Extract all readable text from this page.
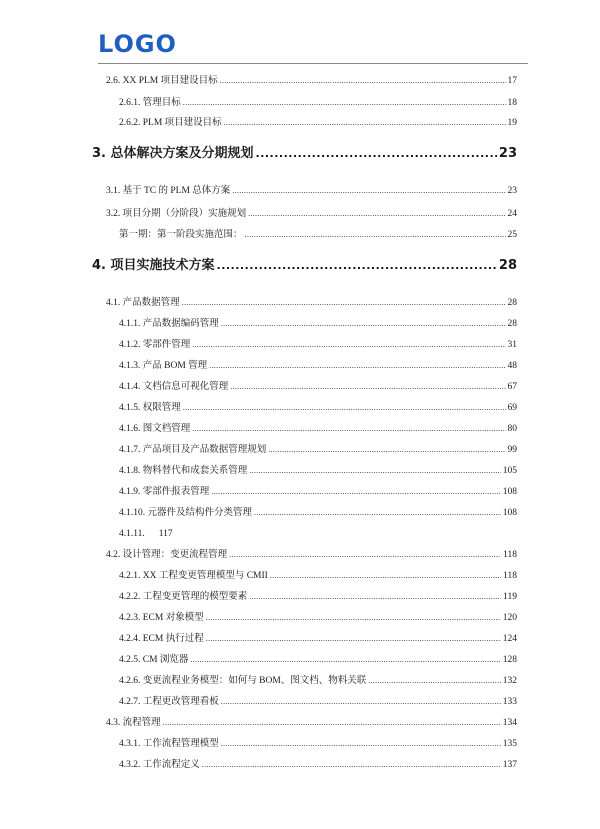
LOGO
2.6. XX PLM 项目建设目标 .....	17
2.6.1. 管理目标 .....	18
2.6.2. PLM 项目建设目标 .....	19
3. 总体解决方案及分期规划 .....	23
3.1. 基于 TC 的 PLM 总体方案 .....	23
3.2. 项目分期（分阶段）实施规划 .....	24
第一期：第一阶段实施范围： .....	25
4. 项目实施技术方案 .....	28
4.1. 产品数据管理 .....	28
4.1.1. 产品数据编码管理 .....	28
4.1.2. 零部件管理 .....	31
4.1.3. 产品 BOM 管理 .....	48
4.1.4. 文档信息可视化管理 .....	67
4.1.5. 权限管理 .....	69
4.1.6. 图文档管理 .....	80
4.1.7. 产品项目及产品数据管理规划 .....	99
4.1.8. 物料替代和成套关系管理 .....	105
4.1.9. 零部件报表管理 .....	108
4.1.10. 元器件及结构件分类管理 .....	108
4.1.11. 117
4.2. 设计管理：变更流程管理 .....	118
4.2.1. XX 工程变更管理模型与 CMII .....	118
4.2.2. 工程变更管理的模型要素 .....	119
4.2.3. ECM 对象模型 .....	120
4.2.4. ECM 执行过程 .....	124
4.2.5. CM 浏览器 .....	128
4.2.6. 变更流程业务模型：如何与 BOM、图文档、物料关联 .....	132
4.2.7. 工程更改管理看板 .....	133
4.3. 流程管理 .....	134
4.3.1. 工作流程管理模型 .....	135
4.3.2. 工作流程定义 .....	137
